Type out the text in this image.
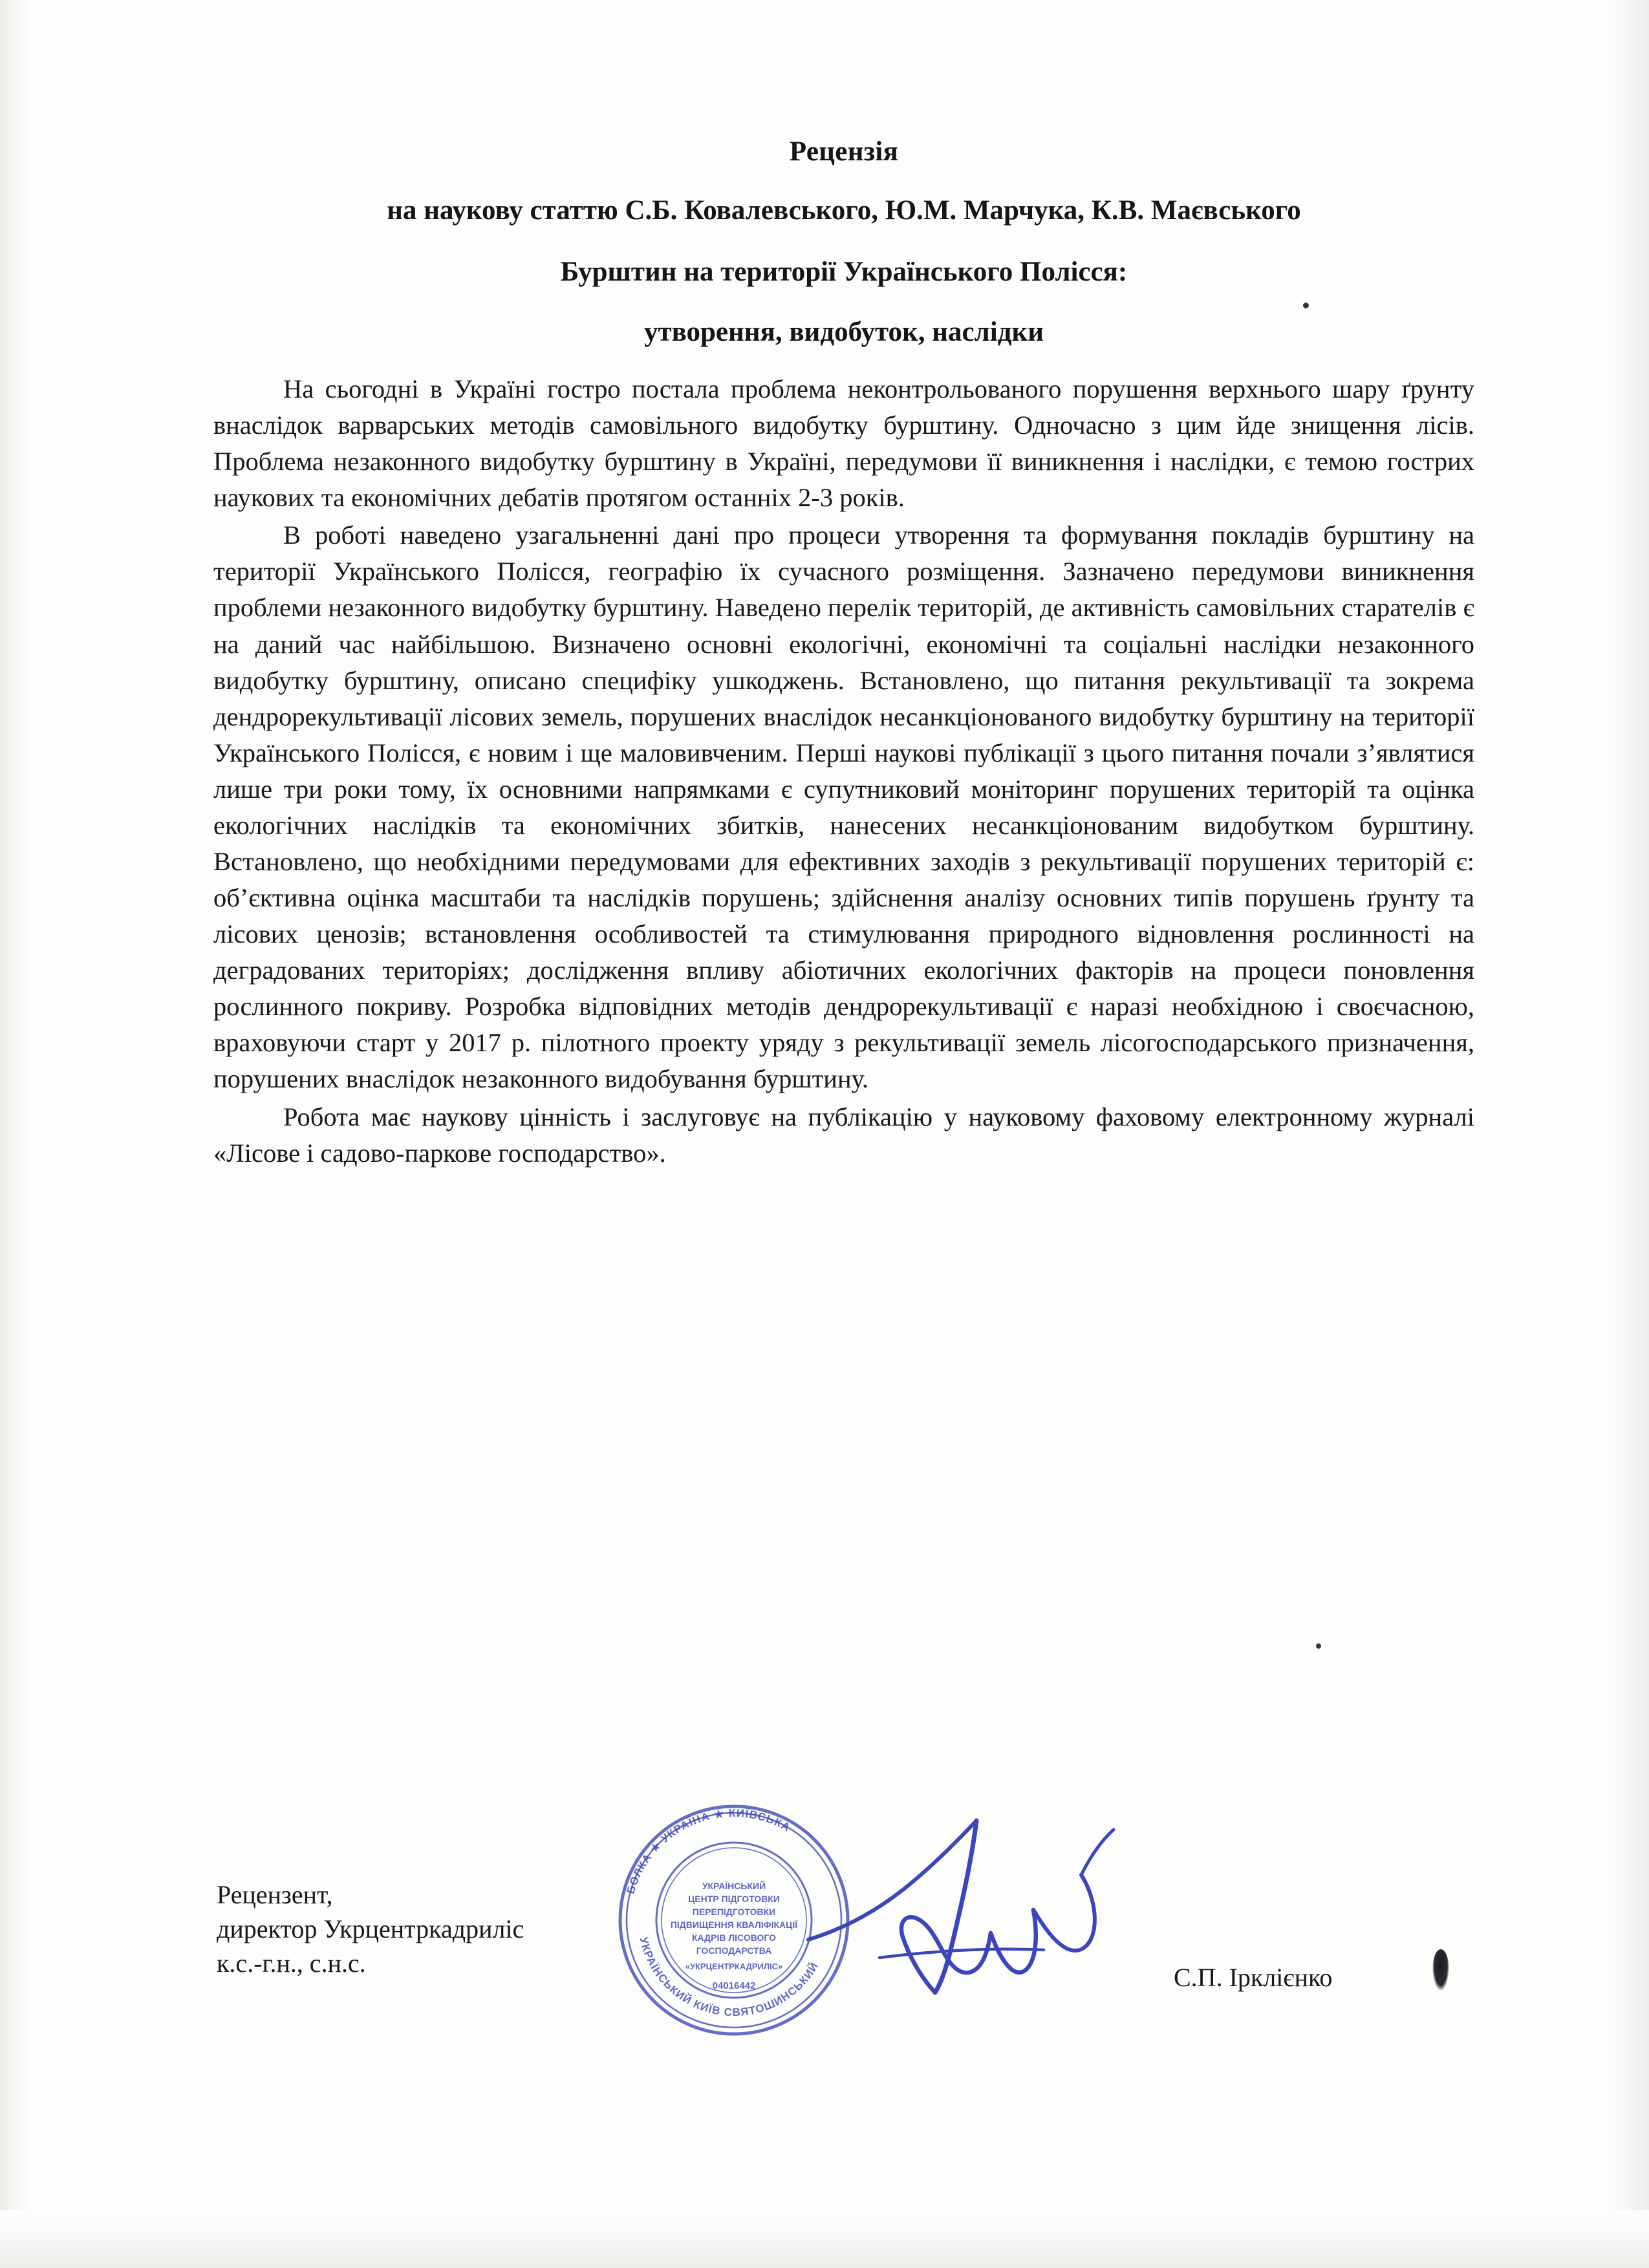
Рецензія
на наукову статтю С.Б. Ковалевського, Ю.М. Марчука, К.В. Маєвського
Бурштин на території Українського Полісся:
утворення, видобуток, наслідки

На сьогодні в Україні гостро постала проблема неконтрольованого порушення верхнього шару ґрунту внаслідок варварських методів самовільного видобутку бурштину. Одночасно з цим йде знищення лісів. Проблема незаконного видобутку бурштину в Україні, передумови її виникнення і наслідки, є темою гострих наукових та економічних дебатів протягом останніх 2-3 років.

В роботі наведено узагальненні дані про процеси утворення та формування покладів бурштину на території Українського Полісся, географію їх сучасного розміщення. Зазначено передумови виникнення проблеми незаконного видобутку бурштину. Наведено перелік територій, де активність самовільних старателів є на даний час найбільшою. Визначено основні екологічні, економічні та соціальні наслідки незаконного видобутку бурштину, описано специфіку ушкоджень. Встановлено, що питання рекультивації та зокрема дендрорекультивації лісових земель, порушених внаслідок несанкціонованого видобутку бурштину на території Українського Полісся, є новим і ще маловивченим. Перші наукові публікації з цього питання почали з’являтися лише три роки тому, їх основними напрямками є супутниковий моніторинг порушених територій та оцінка екологічних наслідків та економічних збитків, нанесених несанкціонованим видобутком бурштину. Встановлено, що необхідними передумовами для ефективних заходів з рекультивації порушених територій є: об’єктивна оцінка масштаби та наслідків порушень; здійснення аналізу основних типів порушень ґрунту та лісових ценозів; встановлення особливостей та стимулювання природного відновлення рослинності на деградованих територіях; дослідження впливу абіотичних екологічних факторів на процеси поновлення рослинного покриву. Розробка відповідних методів дендрорекультивації є наразі необхідною і своєчасною, враховуючи старт у 2017 р. пілотного проекту уряду з рекультивації земель лісогосподарського призначення, порушених внаслідок незаконного видобування бурштину.

Робота має наукову цінність і заслуговує на публікацію у науковому фаховому електронному журналі «Лісове і садово-паркове господарство».

БОЛКА ★ УКРАЇНА ★ КИЇВСЬКА
УКРАЇНСЬКИЙ КИЇВ СВЯТОШИНСЬКИЙ
УКРАЇНСЬКИЙ
ЦЕНТР ПІДГОТОВКИ
ПЕРЕПІДГОТОВКИ
ПІДВИЩЕННЯ КВАЛІФІКАЦІЇ
КАДРІВ ЛІСОВОГО
ГОСПОДАРСТВА
«УКРЦЕНТРКАДРИЛІС»
04016442
Рецензент,
директор Укрцентркадриліс
к.с.-г.н., с.н.с.	С.П. Ірклієнко
